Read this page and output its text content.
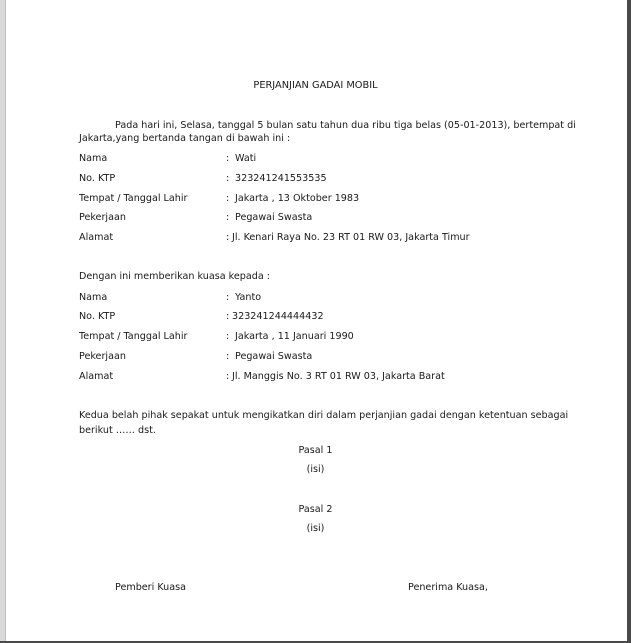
PERJANJIAN GADAI MOBIL
Pada hari ini, Selasa, tanggal 5 bulan satu tahun dua ribu tiga belas (05-01-2013), bertempat di
Jakarta,yang bertanda tangan di bawah ini :
Nama	: Wati
No. KTP	: 323241241553535
Tempat / Tanggal Lahir	: Jakarta , 13 Oktober 1983
Pekerjaan	: Pegawai Swasta
Alamat	: Jl. Kenari Raya No. 23 RT 01 RW 03, Jakarta Timur
Dengan ini memberikan kuasa kepada :
Nama	: Yanto
No. KTP	: 323241244444432
Tempat / Tanggal Lahir	: Jakarta , 11 Januari 1990
Pekerjaan	: Pegawai Swasta
Alamat	: Jl. Manggis No. 3 RT 01 RW 03, Jakarta Barat
Kedua belah pihak sepakat untuk mengikatkan diri dalam perjanjian gadai dengan ketentuan sebagai
berikut …… dst.
Pasal 1
(isi)
Pasal 2
(isi)
Pemberi Kuasa	Penerima Kuasa,
